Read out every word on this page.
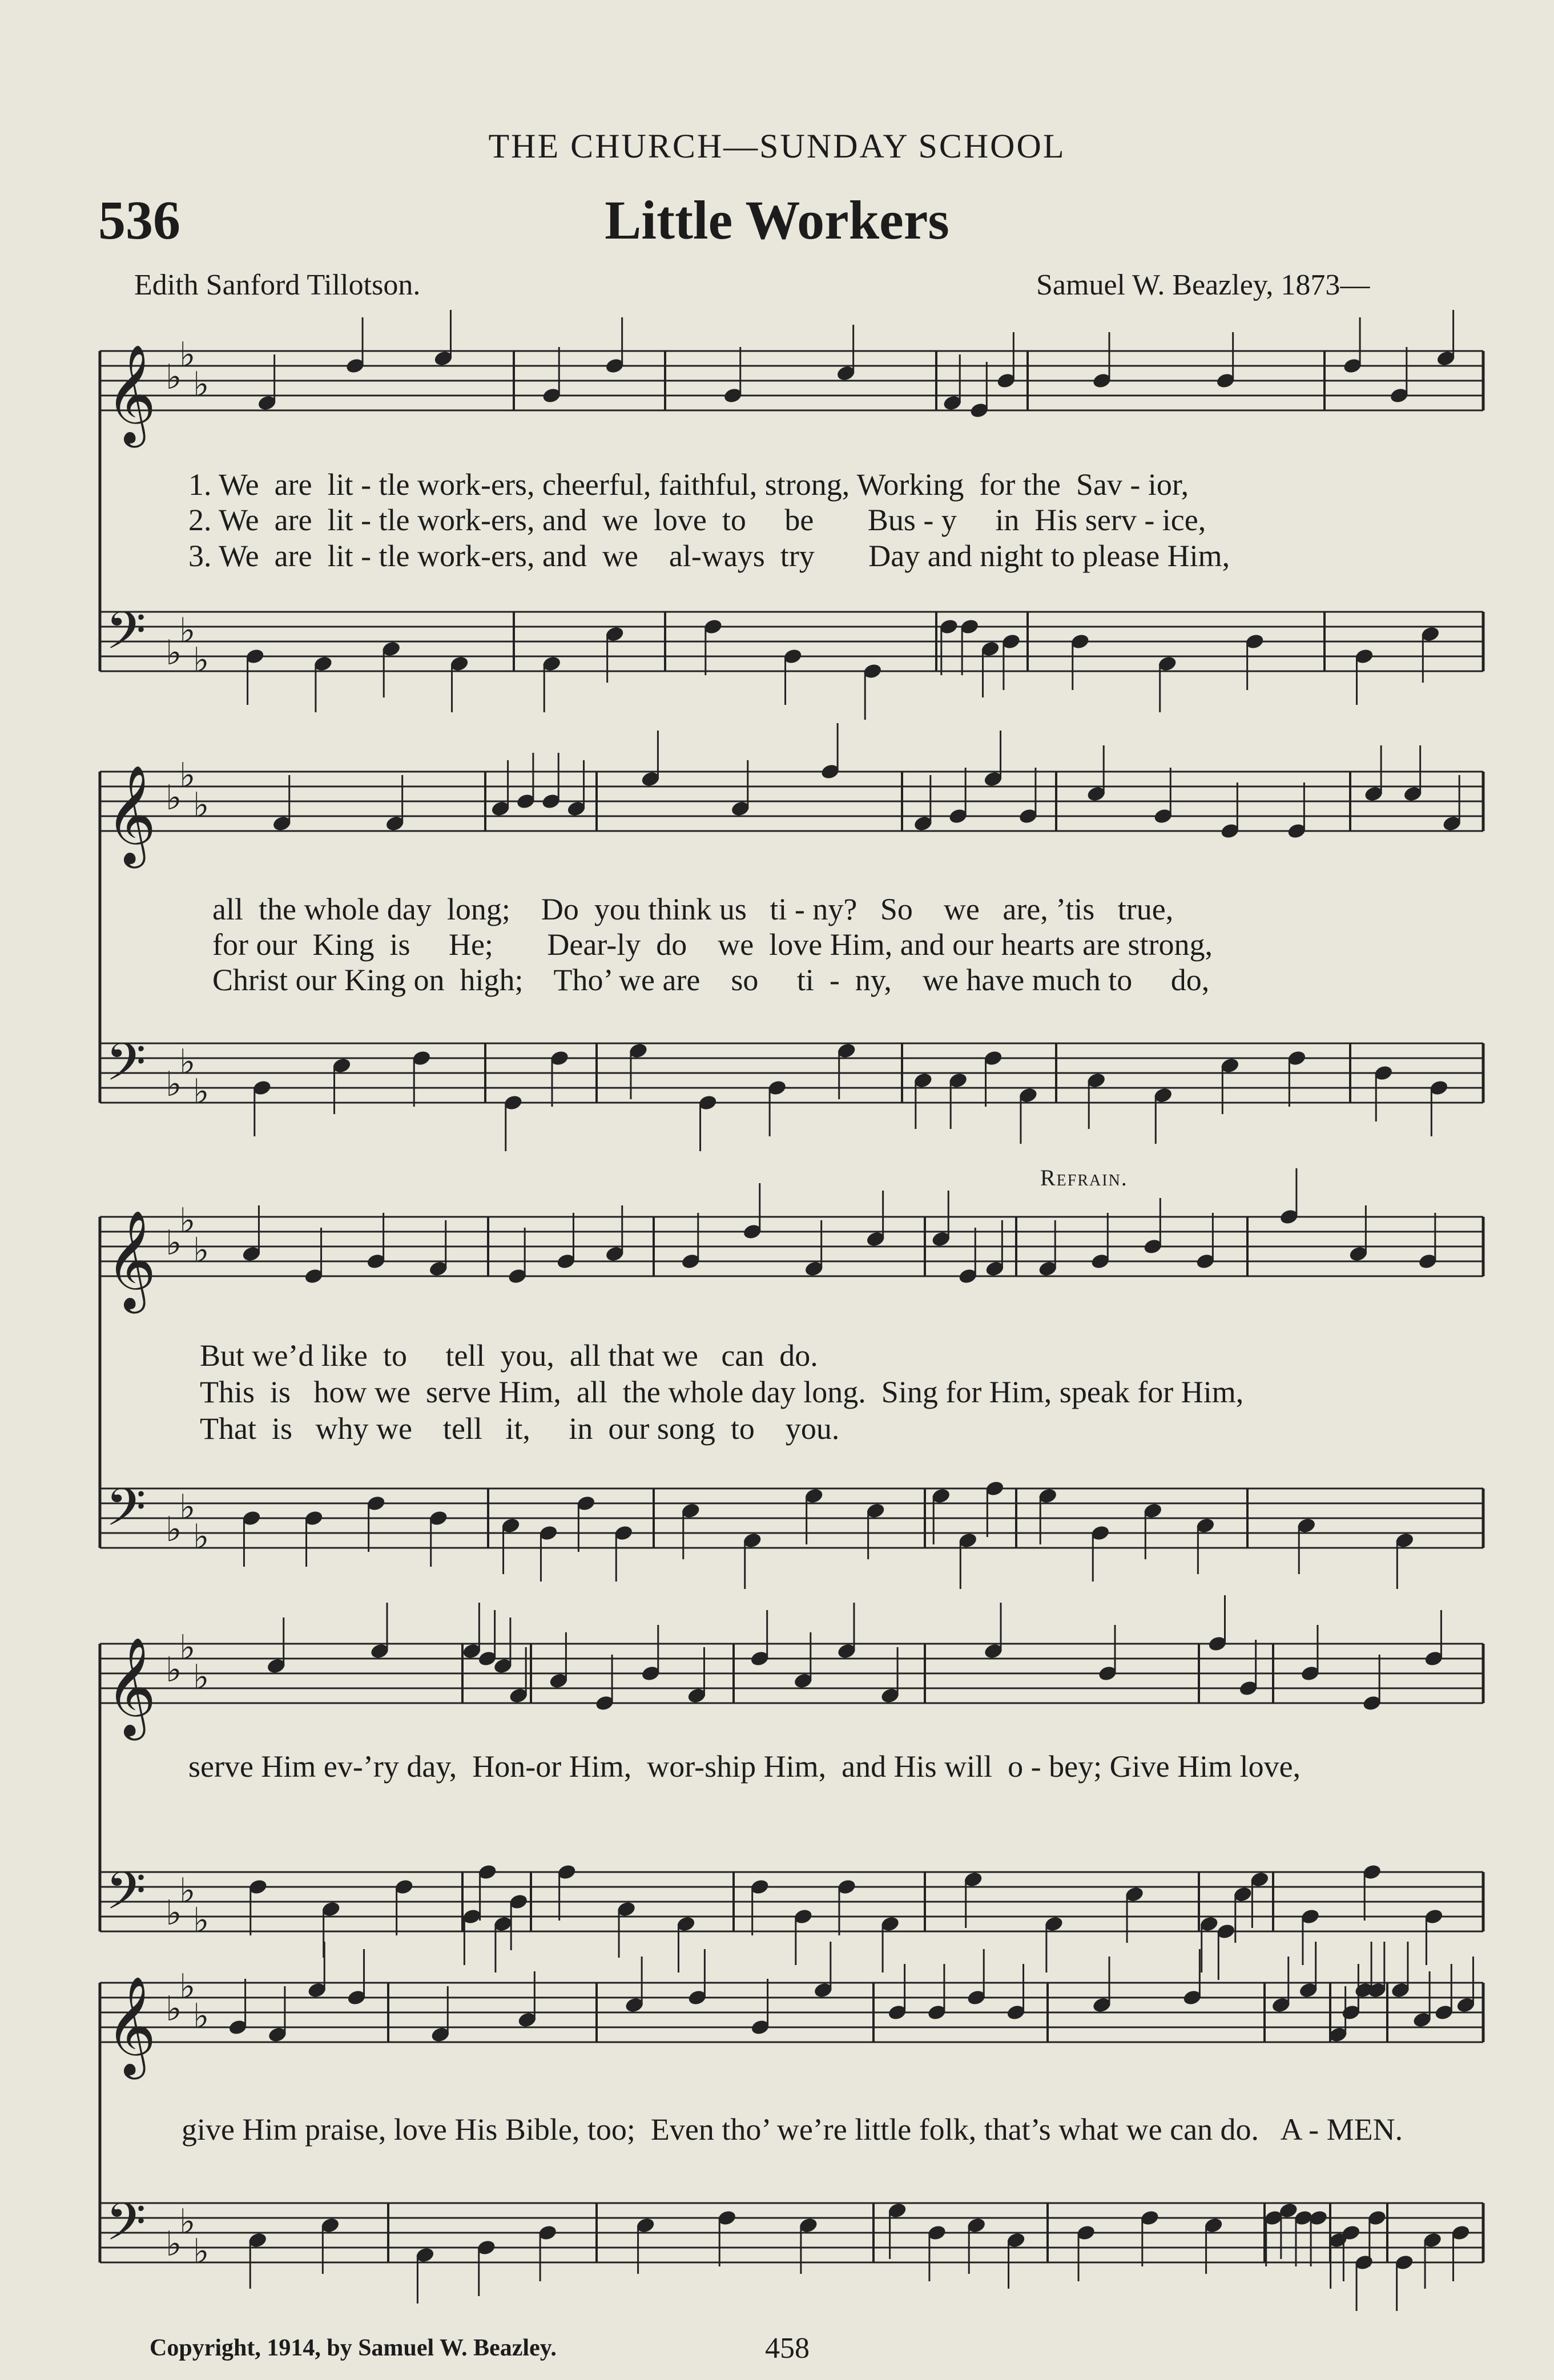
THE CHURCH—SUNDAY SCHOOL
536	Little Workers
Edith Sanford Tillotson.	Samuel W. Beazley, 1873—
𝄞 ♭
♭
♭
𝄢 ♭
♭
♭
𝄞 ♭
♭
♭
𝄢 ♭
♭
♭
𝄞 ♭
♭
♭
𝄢 ♭
♭
♭
𝄞 ♭
♭
♭
𝄢 ♭
♭
♭
𝄞 ♭
♭
♭
𝄢 ♭
♭
♭
1. We  are  lit - tle work-ers, cheerful, faithful, strong, Working  for the  Sav - ior,
2. We  are  lit - tle work-ers, and  we  love  to     be       Bus - y     in  His serv - ice,
3. We  are  lit - tle work-ers, and  we    al-ways  try       Day and night to please Him,
all  the whole day  long;    Do  you think us   ti - ny?   So    we   are, ’tis   true,
for our  King  is     He;       Dear-ly  do    we  love Him, and our hearts are strong,
Christ our King on  high;    Tho’ we are    so     ti  -  ny,    we have much to     do,
Refrain.
But we’d like  to     tell  you,  all that we   can  do.
This  is   how we  serve Him,  all  the whole day long.  Sing for Him, speak for Him,
That  is   why we    tell   it,     in  our song  to    you.
serve Him ev-’ry day,  Hon-or Him,  wor-ship Him,  and His will  o - bey; Give Him love,
give Him praise, love His Bible, too;  Even tho’ we’re little folk, that’s what we can do.   A - MEN.
Copyright, 1914, by Samuel W. Beazley.	458
